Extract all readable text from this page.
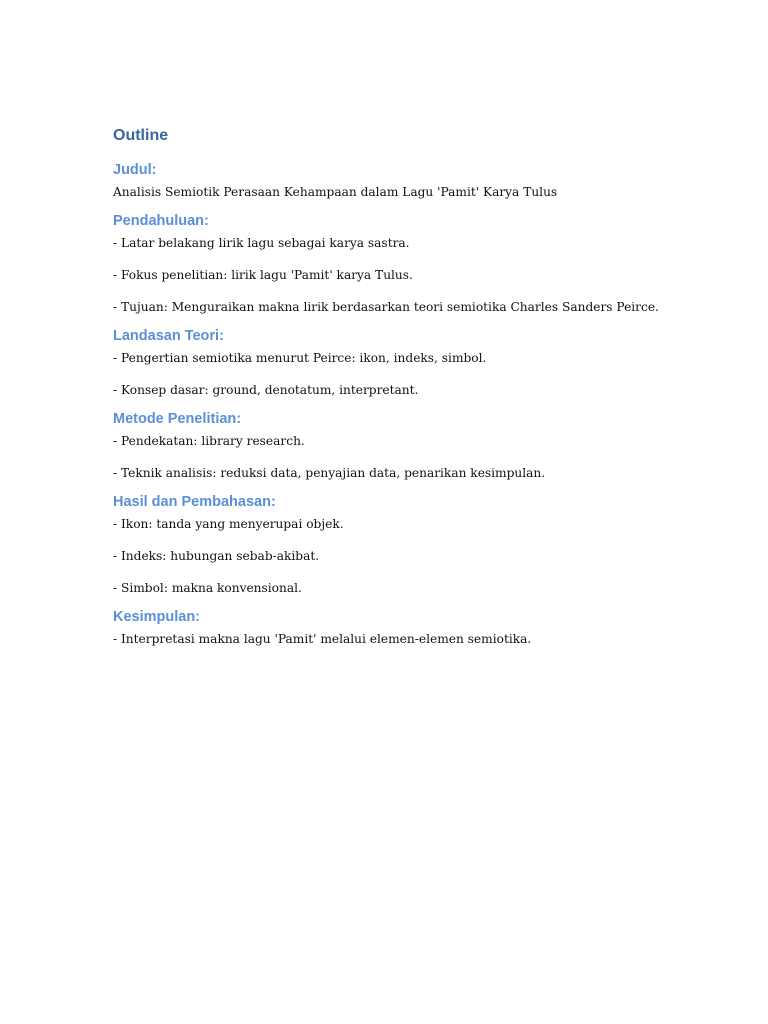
Outline
Judul:

Analisis Semiotik Perasaan Kehampaan dalam Lagu 'Pamit' Karya Tulus

Pendahuluan:

- Latar belakang lirik lagu sebagai karya sastra.

- Fokus penelitian: lirik lagu 'Pamit' karya Tulus.

- Tujuan: Menguraikan makna lirik berdasarkan teori semiotika Charles Sanders Peirce.

Landasan Teori:

- Pengertian semiotika menurut Peirce: ikon, indeks, simbol.

- Konsep dasar: ground, denotatum, interpretant.

Metode Penelitian:

- Pendekatan: library research.

- Teknik analisis: reduksi data, penyajian data, penarikan kesimpulan.

Hasil dan Pembahasan:

- Ikon: tanda yang menyerupai objek.

- Indeks: hubungan sebab-akibat.

- Simbol: makna konvensional.

Kesimpulan:

- Interpretasi makna lagu 'Pamit' melalui elemen-elemen semiotika.
